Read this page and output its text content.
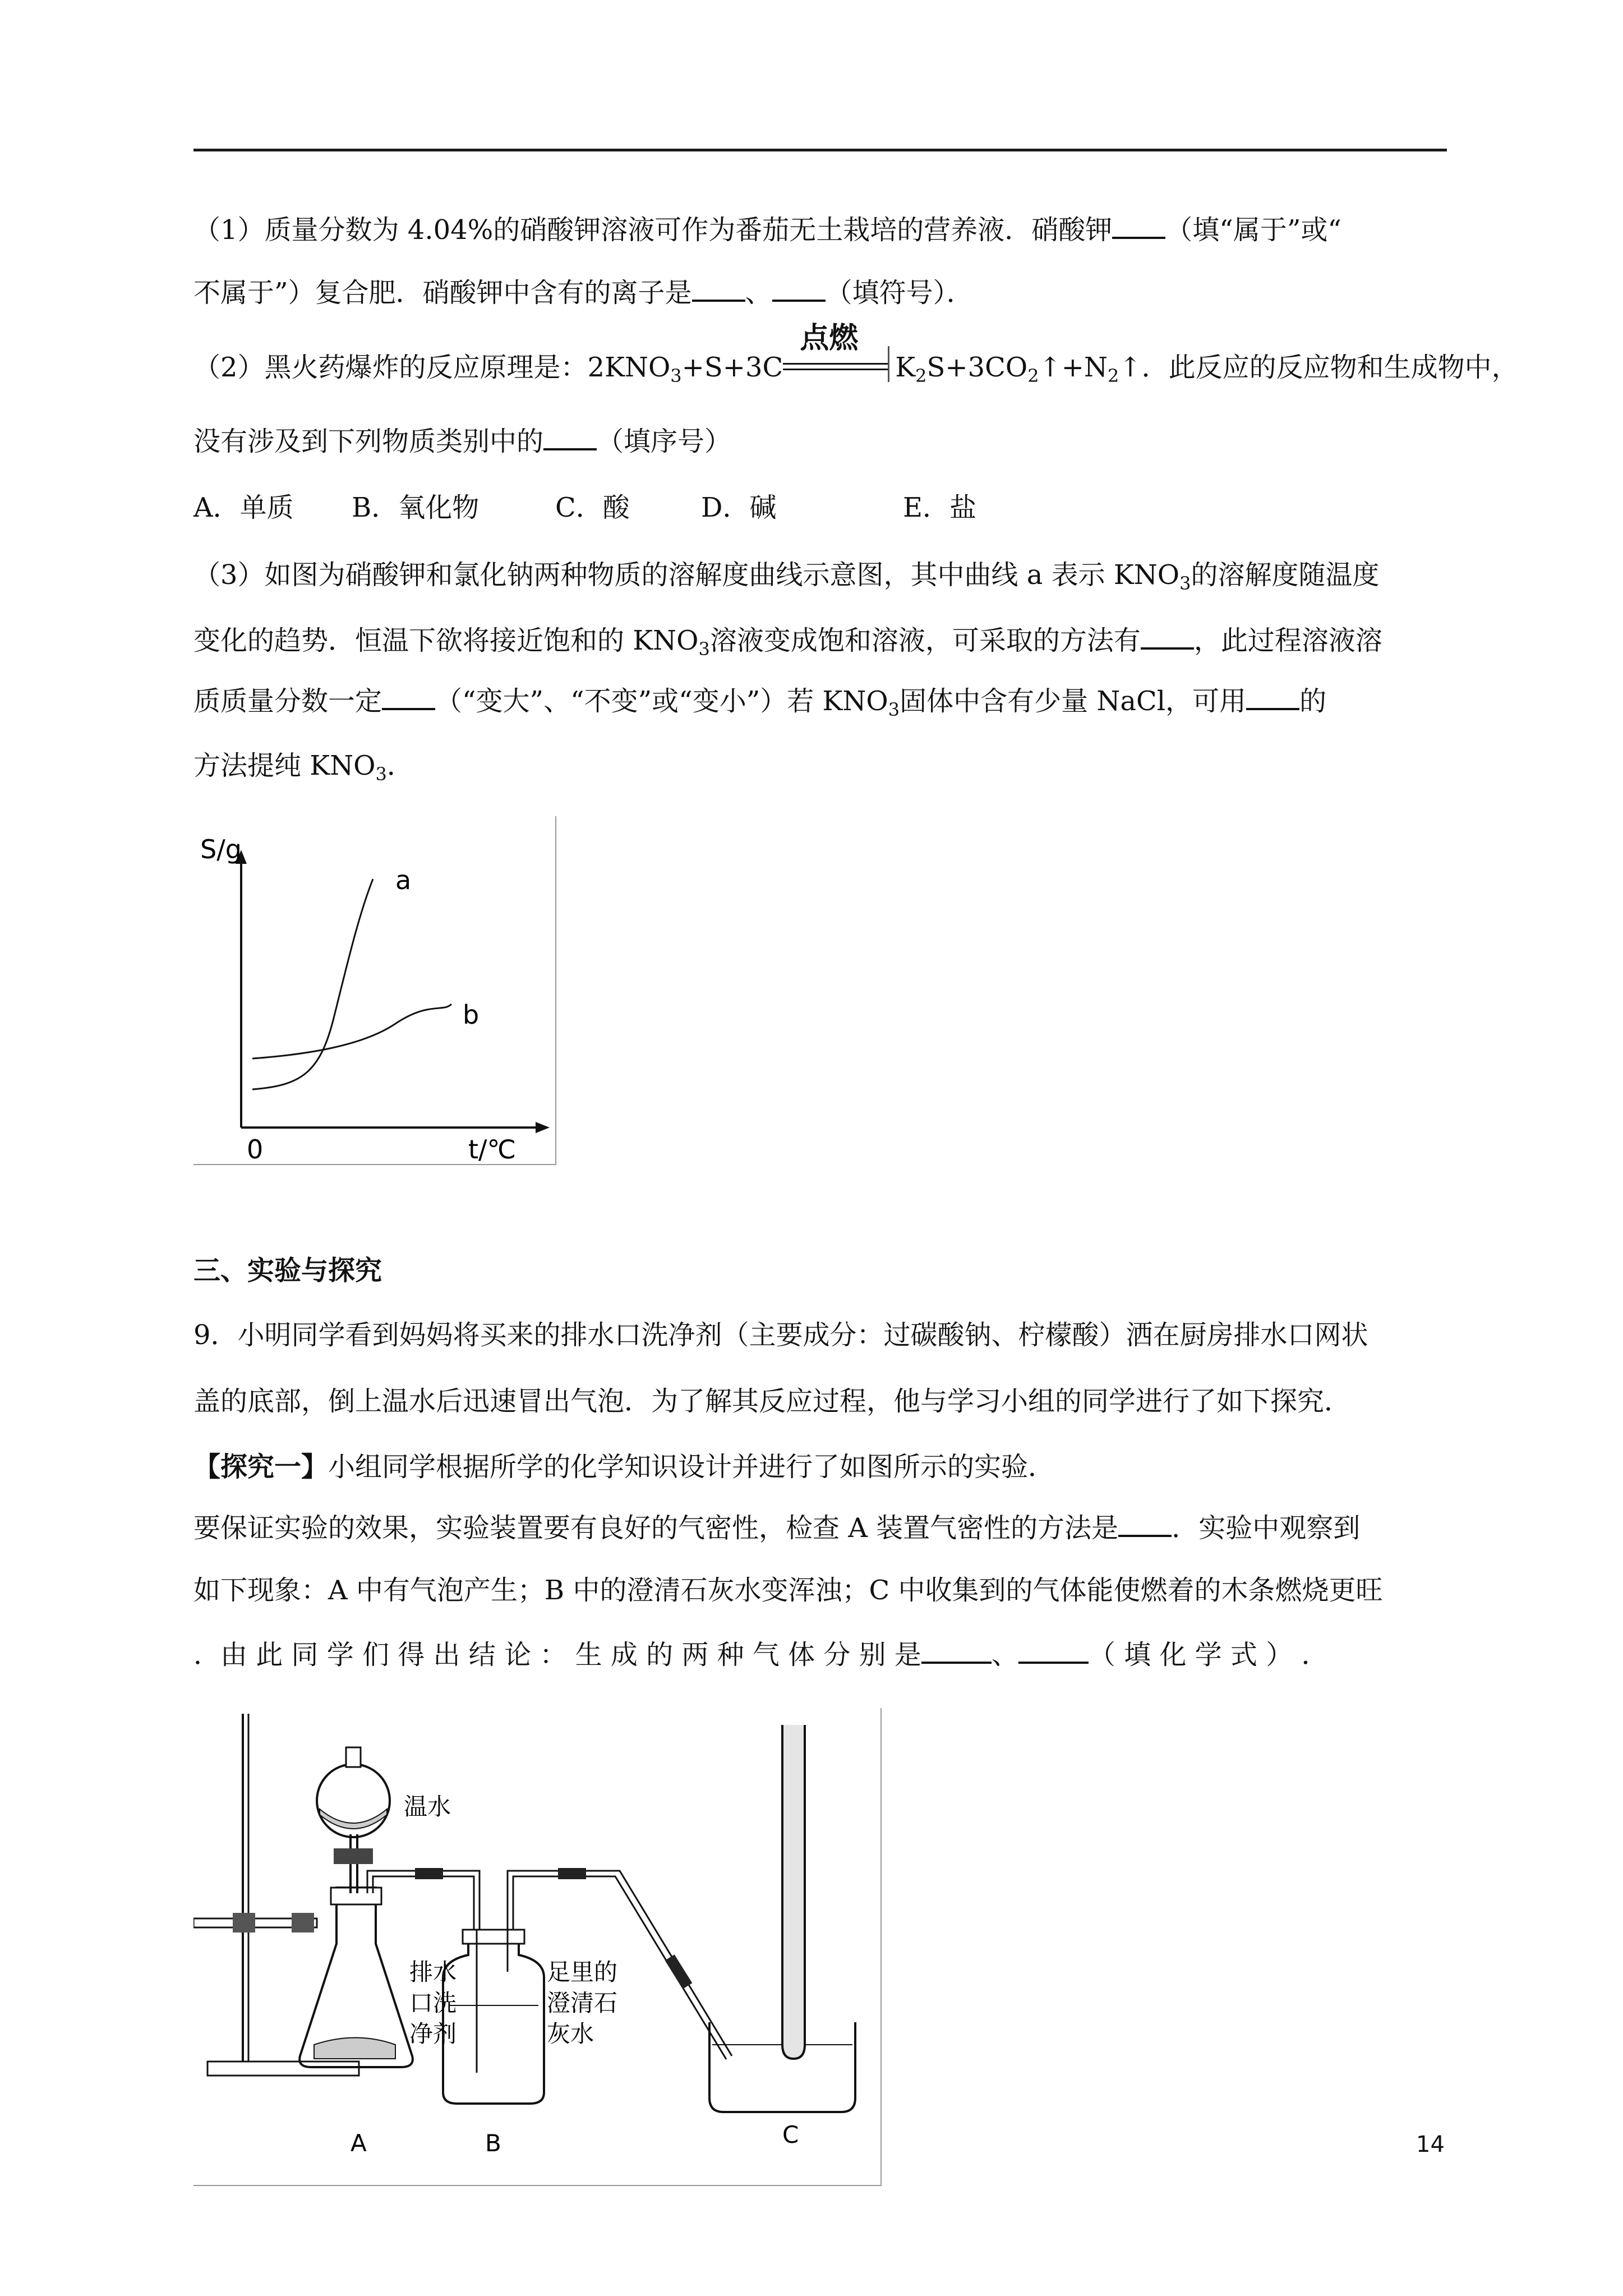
（1）质量分数为 4.04%的硝酸钾溶液可作为番茄无土栽培的营养液．硝酸钾 （填“属于”或“
不属于”）复合肥．硝酸钾中含有的离子是 、 （填符号）．
（2）黑火药爆炸的反应原理是：$2KNO_3+S+3C$
点燃
$K_2S+3CO_2↑+N_2↑$．此反应的反应物和生成物中，
没有涉及到下列物质类别中的 （填序号）
A．单质 B．氧化物	C．酸	D．碱	E．盐
（3）如图为硝酸钾和氯化钠两种物质的溶解度曲线示意图，其中曲线 a 表示 $KNO_3$的溶解度随温度
变化的趋势．恒温下欲将接近饱和的 $KNO_3$溶液变成饱和溶液，可采取的方法有 ，此过程溶液溶
质质量分数一定 （“变大”、“不变”或“变小”）若 $KNO_3$固体中含有少量 NaCl，可用 的
方法提纯 $KNO_3$．
S/g
t/℃
0
a
b
三、实验与探究
9．小明同学看到妈妈将买来的排水口洗净剂（主要成分：过碳酸钠、柠檬酸）洒在厨房排水口网状
盖的底部，倒上温水后迅速冒出气泡．为了解其反应过程，他与学习小组的同学进行了如下探究．
【探究一】小组同学根据所学的化学知识设计并进行了如图所示的实验．
要保证实验的效果，实验装置要有良好的气密性，检查 A 装置气密性的方法是 ．实验中观察到
如下现象：A 中有气泡产生；B 中的澄清石灰水变浑浊；C 中收集到的气体能使燃着的木条燃烧更旺
．由 此 同 学 们 得 出 结 论 ： 生 成 的 两 种 气 体 分 别 是	、	（ 填 化 学 式 ） ．
温水
排水
口洗
净剂
足里的
澄清石
灰水
A	B	C	14
